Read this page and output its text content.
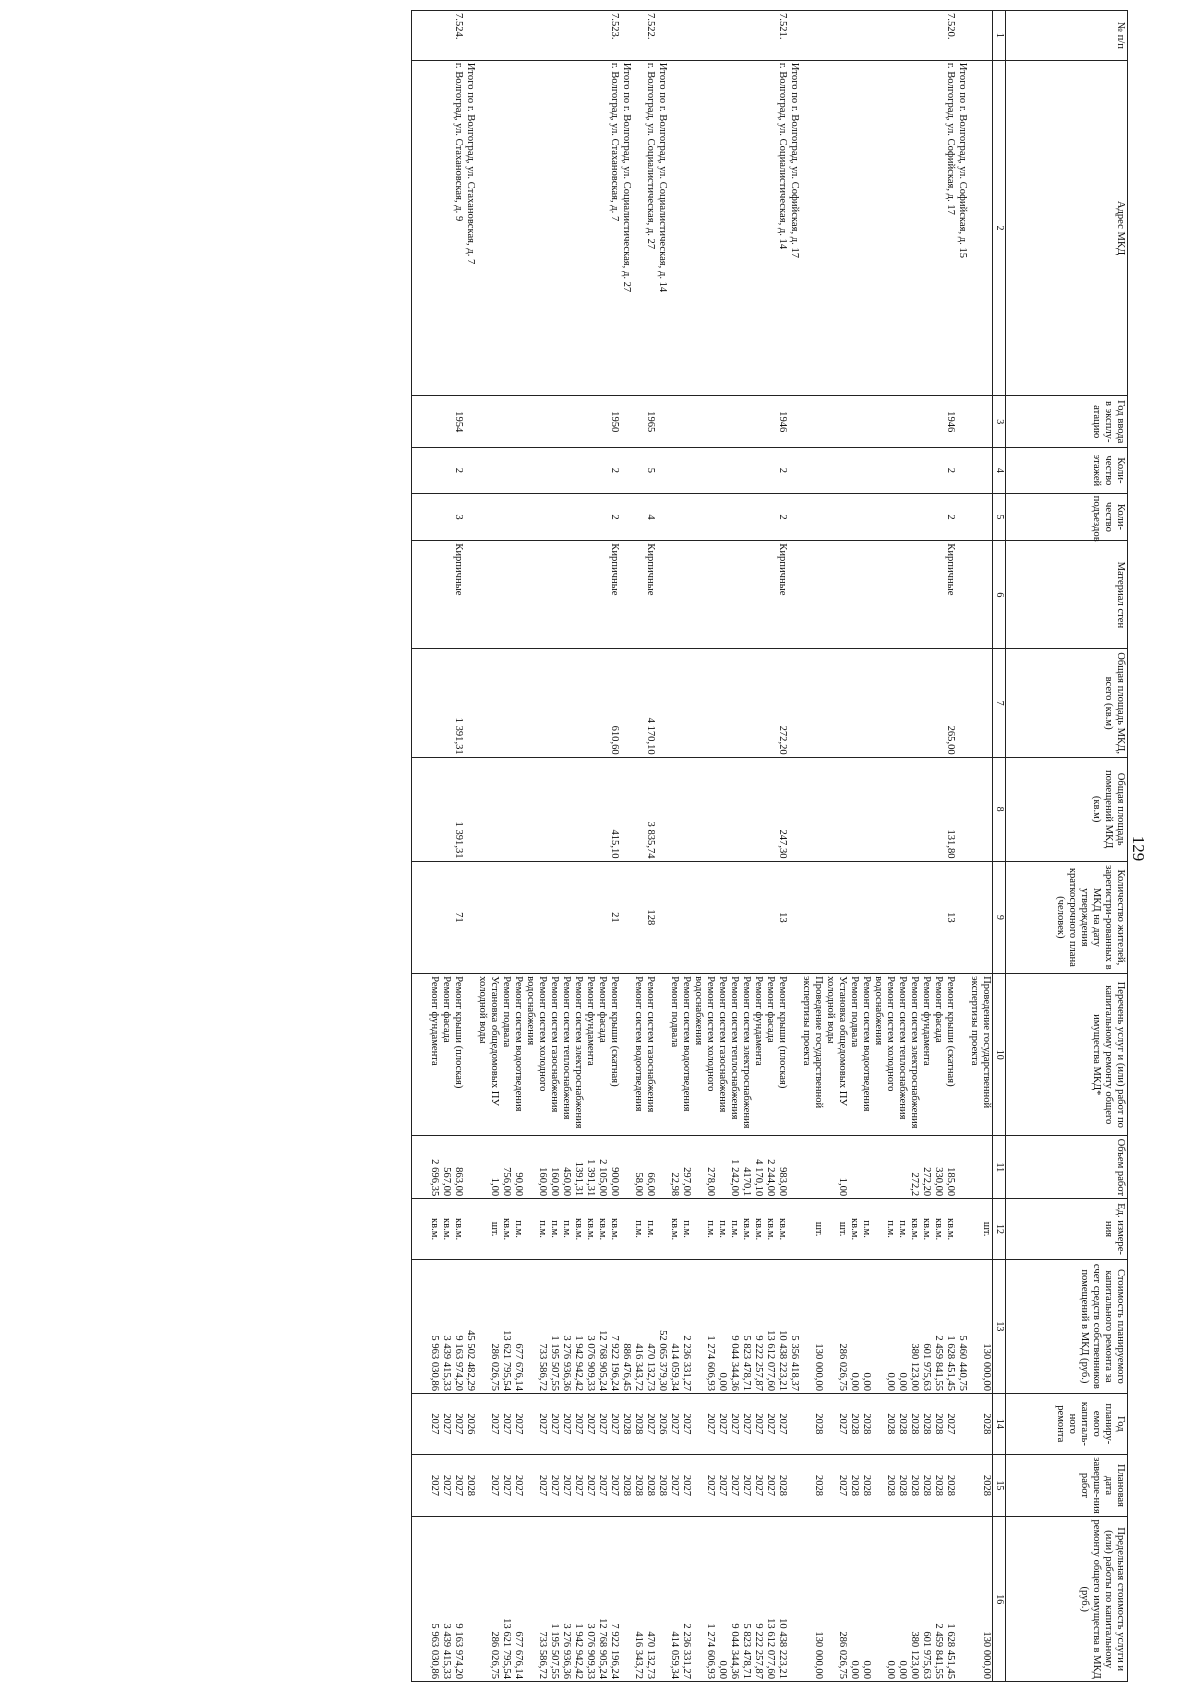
129
№ п/п	Адрес МКД	Год ввода в эксплу-атацию	Коли-чество этажей	Коли-чество подъездов	Материал стен	Общая площадь МКД, всего (кв.м)	Общая площадь помещений МКД (кв.м)	Количество жителей, зарегистри-рованных в МКД на дату утверждения краткосрочного плана (человек)	Перечень услуг и (или) работ по капитальному ремонту общего имущества МКД*	Объем работ	Ед. измере-ния	Стоимость планируемого капитального ремонта за счет средств собственников помещений в МКД (руб.)	Год планиру-емого капиталь-ного ремонта	Плановая дата заверше-ния работ	Предельная стоимость услуги и (или) работы по капитальному ремонту общего имущества в МКД (руб.)
1	2	3	4	5	6	7	8	9	10	11	12	13	14	15	16
									Проведение государственной экспертизы проекта		шт.	130 000,00	2028	2028	130 000,00
	Итого по г. Волгоград, ул. Софийская, д. 15											5 460 440,75			
7.520.	г. Волгоград, ул. Софийская, д. 17	1946	2	2	Кирпичные	265,00	131,80	13	Ремонт крыши (скатная)	185,00	кв.м.	1 628 451,45	2027	2028	1 628 451,45
									Ремонт фасада	330,00	кв.м.	2 459 841,55	2028	2028	2 459 841,55
									Ремонт фундамента	272,20	кв.м.	601 975,63	2028	2028	601 975,63
									Ремонт систем электроснабжения	272,2	кв.м.	380 123,00	2028	2028	380 123,00
									Ремонт систем теплоснабжения		п.м.	0,00	2028	2028	0,00
									Ремонт систем холодного водоснабжения		п.м.	0,00	2028	2028	0,00
									Ремонт систем водоотведения		п.м.	0,00	2028	2028	0,00
									Ремонт подвала		кв.м.	0,00	2028	2028	0,00
									Установка общедомовых ПУ холодной воды	1,00	шт.	286 026,75	2027	2027	286 026,75
									Проведение государственной экспертизы проекта		шт.	130 000,00	2028	2028	130 000,00
	Итого по г. Волгоград, ул. Софийская, д. 17											5 356 418,37			
7.521.	г. Волгоград, ул. Социалистическая, д. 14	1946	2	2	Кирпичные	272,20	247,30	13	Ремонт крыши (плоская)	983,00	кв.м.	10 438 223,21	2027	2028	10 438 223,21
									Ремонт фасада	2 244,00	кв.м.	13 612 077,60	2027	2027	13 612 077,60
									Ремонт фундамента	4 170,10	кв.м.	9 222 257,87	2027	2027	9 222 257,87
									Ремонт систем электроснабжения	4170,1	кв.м.	5 823 478,71	2027	2027	5 823 478,71
									Ремонт систем теплоснабжения	1 242,00	п.м.	9 044 344,36	2027	2027	9 044 344,36
									Ремонт систем газоснабжения		п.м.	0,00	2027	2027	0,00
									Ремонт систем холодного водоснабжения	278,00	п.м.	1 274 606,93	2027	2027	1 274 606,93
									Ремонт систем водоотведения	297,00	п.м.	2 236 331,27	2027	2027	2 236 331,27
									Ремонт подвала	22,98	кв.м.	414 059,34	2027	2027	414 059,34
	Итого по г. Волгоград, ул. Социалистическая, д. 14											52 065 379,30	2026	2028	
7.522.	г. Волгоград, ул. Социалистическая, д. 27	1965	5	4	Кирпичные	4 170,10	3 835,74	128	Ремонт систем газоснабжения	66,00	п.м.	470 132,73	2027	2028	470 132,73
									Ремонт систем водоотведения	58,00	п.м.	416 343,72	2028	2028	416 343,72
	Итого по г. Волгоград, ул. Социалистическая, д. 27											886 476,45	2028	2028	
7.523.	г. Волгоград, ул. Стахановская, д. 7	1950	2	2	Кирпичные	610,60	415,10	21	Ремонт крыши (скатная)	900,00	кв.м.	7 922 196,24	2027	2027	7 922 196,24
									Ремонт фасада	2 105,00	кв.м.	12 768 905,24	2027	2027	12 768 905,24
									Ремонт фундамента	1 391,31	кв.м.	3 076 909,33	2027	2027	3 076 909,33
									Ремонт систем электроснабжения	1391,31	кв.м.	1 942 942,42	2027	2027	1 942 942,42
									Ремонт систем теплоснабжения	450,00	п.м.	3 276 936,36	2027	2027	3 276 936,36
									Ремонт систем газоснабжения	160,00	п.м.	1 195 507,55	2027	2027	1 195 507,55
									Ремонт систем холодного водоснабжения	160,00	п.м.	733 586,72	2027	2027	733 586,72
									Ремонт систем водоотведения	90,00	п.м.	677 676,14	2027	2027	677 676,14
									Ремонт подвала	756,00	кв.м.	13 621 795,54	2027	2027	13 621 795,54
									Установка общедомовых ПУ холодной воды	1,00	шт.	286 026,75	2027	2027	286 026,75
	Итого по г. Волгоград, ул. Стахановская, д. 7											45 502 482,29	2026	2028	
7.524.	г. Волгоград, ул. Стахановская, д. 9	1954	2	3	Кирпичные	1 391,31	1 391,31	71	Ремонт крыши (плоская)	863,00	кв.м.	9 163 974,20	2027	2027	9 163 974,20
									Ремонт фасада	567,00	кв.м.	3 439 415,33	2027	2027	3 439 415,33
									Ремонт фундамента	2 696,35	кв.м.	5 963 030,86	2027	2027	5 963 030,86
